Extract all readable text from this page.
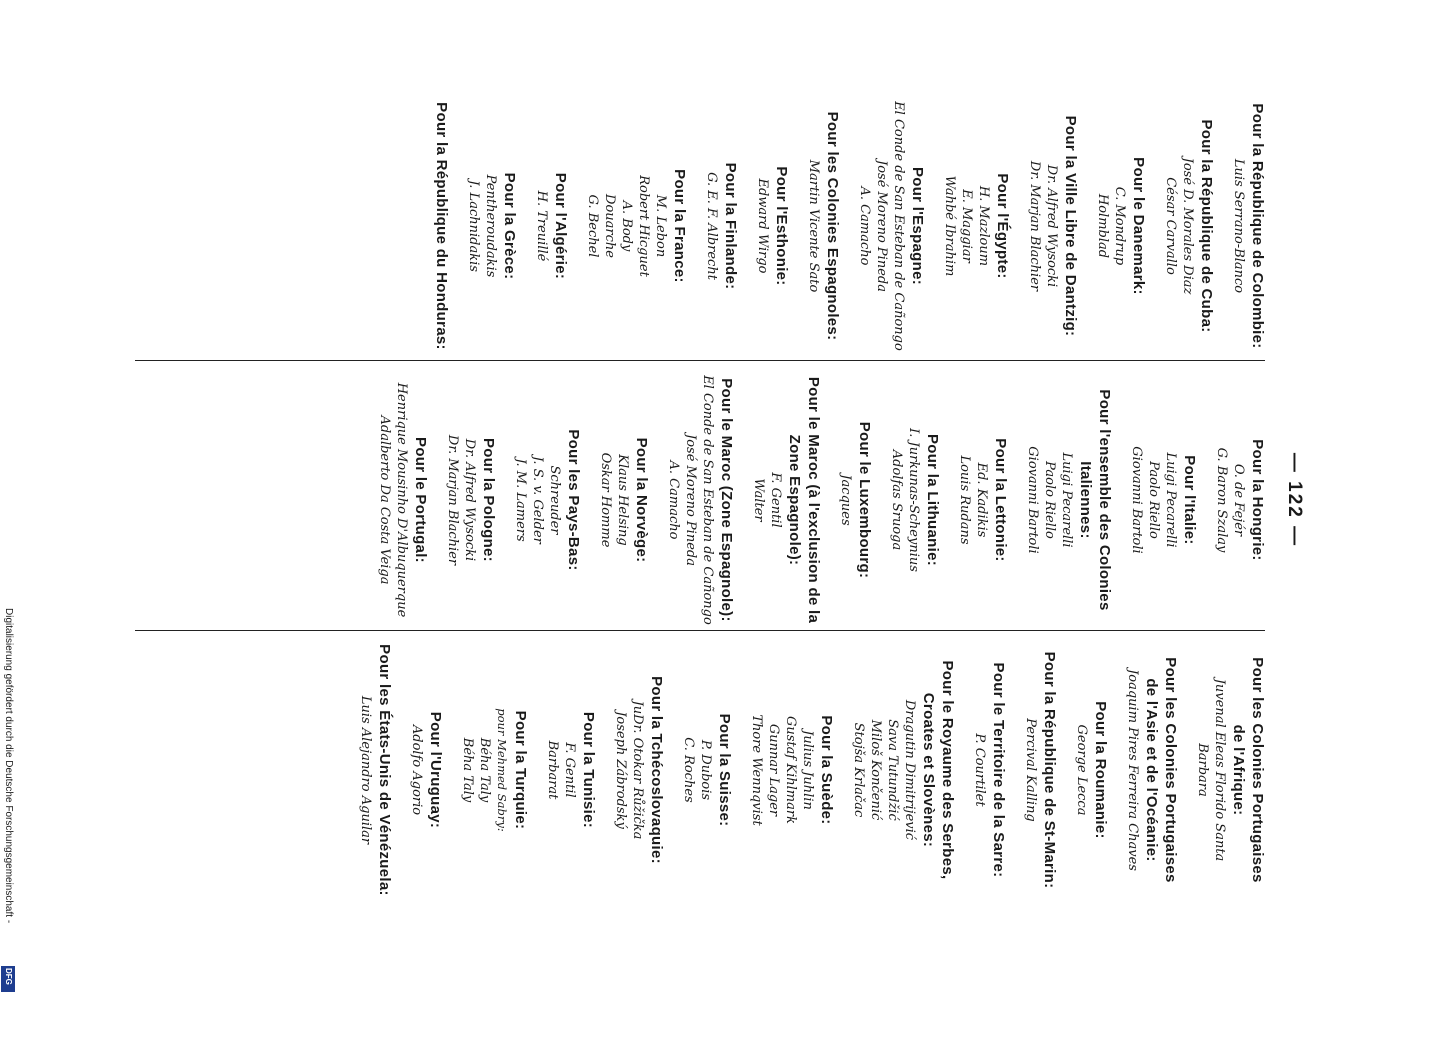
— 122 —
Pour la République de Colombie:
Luis Serrano-Blanco
Pour la République de Cuba:
José D. Morales Diaz
César Carvallo
Pour le Danemark:
C. Mondrup
Holmblad
Pour la Ville Libre de Dantzig:
Dr. Alfred Wysocki
Dr. Marjan Blachier
Pour l'Égypte:
H. Mazloum
E. Maggiar
Wahbé Ibrahim
Pour l'Espagne:
El Conde de San Esteban de Cañongo
José Moreno Pineda
A. Camacho
Pour les Colonies Espagnoles:
Martin Vicente Sato
Pour l'Esthonie:
Edward Wirgo
Pour la Finlande:
G. E. F. Albrecht
Pour la France:
M. Lebon
Robert Hicguet
A. Body
Douarche
G. Bechel
Pour l'Algérie:
H. Treuillé
Pour la Grèce:
Pentheroudakis
J. Lachnidakis
Pour la République du Honduras:
Pour la Hongrie:
O. de Fejér
G. Baron Szalay
Pour l'Italie:
Luigi Pecarelli
Paolo Riello
Giovanni Bartoli
Pour l'ensemble des Colonies
Italiennes:
Luigi Pecarelli
Paolo Riello
Giovanni Bartoli
Pour la Lettonie:
Ed. Kadikis
Louis Rudans
Pour la Lithuanie:
I. Jurkunas-Scheynius
Adolfas Sruoga
Pour le Luxembourg:
Jacques
Pour le Maroc (à l'exclusion de la
Zone Espagnole):
F. Gentil
Walter
Pour le Maroc (Zone Espagnole):
El Conde de San Esteban de Cañongo
José Moreno Pineda
A. Camacho
Pour la Norvège:
Klaus Helsing
Oskar Homme
Pour les Pays-Bas:
Schreuder
J. S. v. Gelder
J. M. Lamers
Pour la Pologne:
Dr. Alfred Wysocki
Dr. Marjan Blachier
Pour le Portugal:
Henrique Mousinho D'Albuquerque
Adalberto Da Costa Veiga
Pour les Colonies Portugaises
de l'Afrique:
Juvenal Eleas Florido Santa
Barbara
Pour les Colonies Portugaises
de l'Asie et de l'Océanie:
Joaquim Pires Ferreira Chaves
Pour la Roumanie:
George Lecca
Pour la République de St-Marin:
Percival Kalling
Pour le Territoire de la Sarre:
P. Courtilet
Pour le Royaume des Serbes,
Croates et Slovènes:
Dragutin Dimitrijević
Sava Tutundžić
Miloš Končenić
Stojša Krlačac
Pour la Suède:
Julius Juhlin
Gustaf Kihlmark
Gunnar Lager
Thore Wennqvist
Pour la Suisse:
P. Dubois
C. Roches
Pour la Tchécoslovaquie:
JuDr. Otokar Růžička
Joseph Zábrodský
Pour la Tunisie:
F. Gentil
Barbarat
Pour la Turquie:
pour Mehmed Sabry:
Béha Taly
Béha Taly
Pour l'Uruguay:
Adolfo Agorio
Pour les États-Unis de Vénézuela:
Luis Alejandro Aguilar
Digitalisierung gefördert durch die Deutsche Forschungsgemeinschaft -
DFG
